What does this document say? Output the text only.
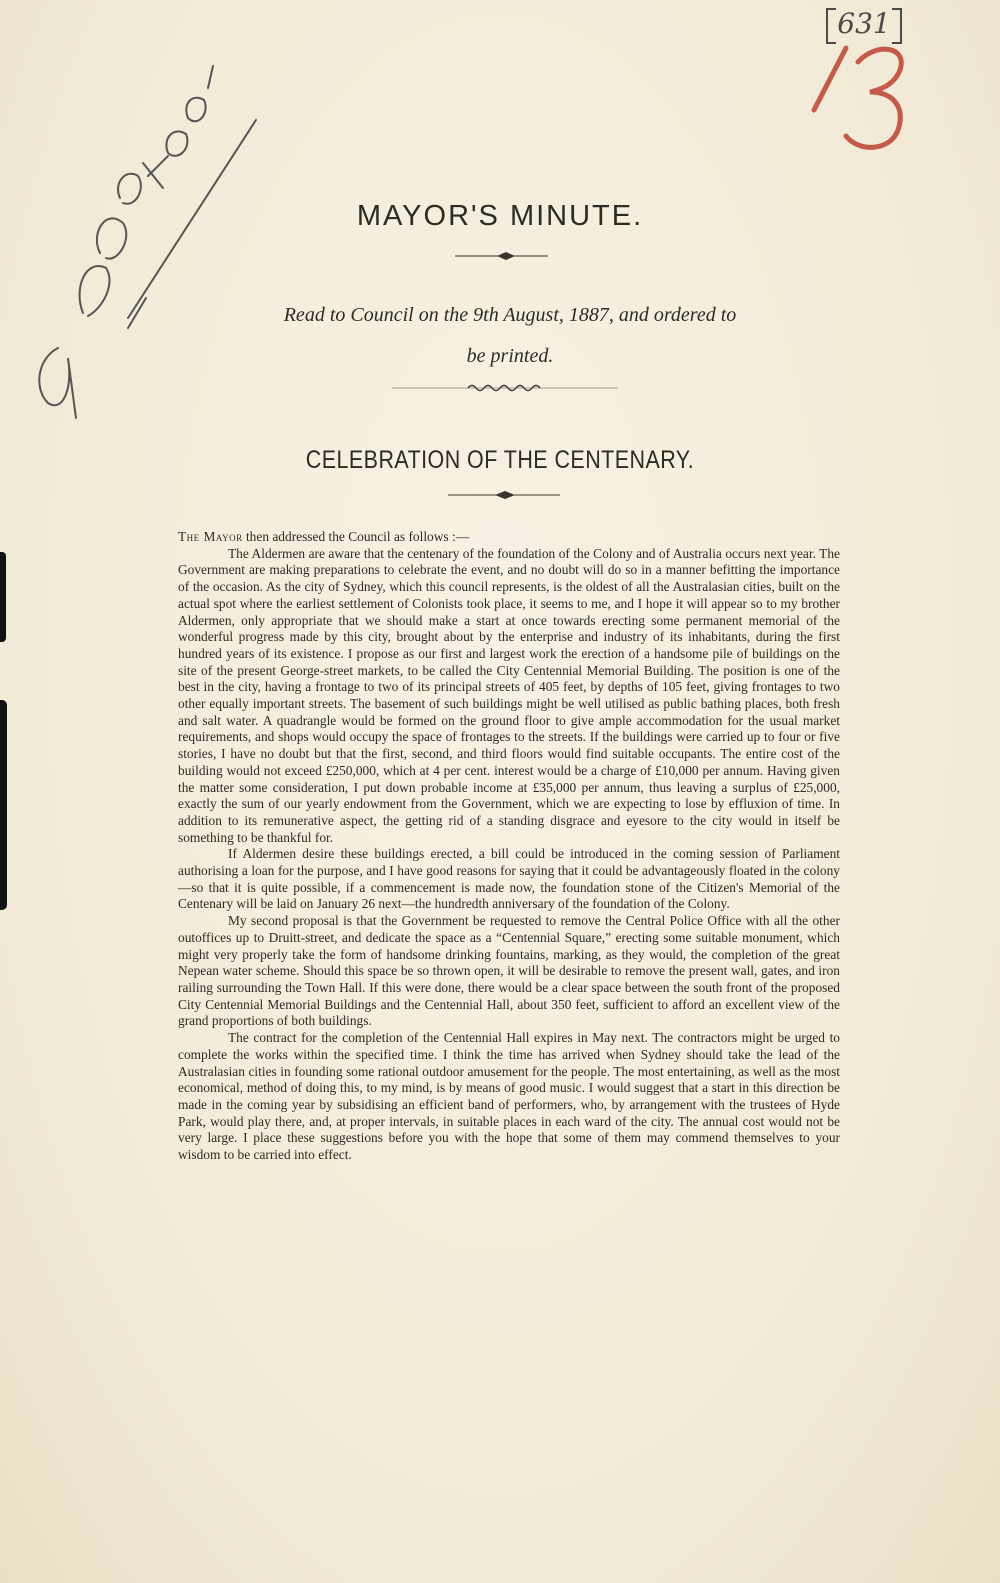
631
MAYOR'S MINUTE.
Read to Council on the 9th August, 1887, and ordered to
be printed.
CELEBRATION OF THE CENTENARY.

The Mayor then addressed the Council as follows :—

The Aldermen are aware that the centenary of the foundation of the Colony and of Australia occurs next year. The Government are making preparations to celebrate the event, and no doubt will do so in a manner befitting the importance of the occasion. As the city of Sydney, which this council represents, is the oldest of all the Australasian cities, built on the actual spot where the earliest settlement of Colonists took place, it seems to me, and I hope it will appear so to my brother Aldermen, only appropriate that we should make a start at once towards erecting some permanent memorial of the wonderful progress made by this city, brought about by the enterprise and industry of its inhabitants, during the first hundred years of its existence. I propose as our first and largest work the erection of a handsome pile of buildings on the site of the present George-street markets, to be called the City Centennial Memorial Building. The position is one of the best in the city, having a frontage to two of its principal streets of 405 feet, by depths of 105 feet, giving frontages to two other equally important streets. The basement of such buildings might be well utilised as public bathing places, both fresh and salt water. A quadrangle would be formed on the ground floor to give ample accommodation for the usual market requirements, and shops would occupy the space of frontages to the streets. If the buildings were carried up to four or five stories, I have no doubt but that the first, second, and third floors would find suitable occupants. The entire cost of the building would not exceed £250,000, which at 4 per cent. interest would be a charge of £10,000 per annum. Having given the matter some consideration, I put down probable income at £35,000 per annum, thus leaving a surplus of £25,000, exactly the sum of our yearly endowment from the Government, which we are expecting to lose by effluxion of time. In addition to its remunerative aspect, the getting rid of a standing disgrace and eyesore to the city would in itself be something to be thankful for.

If Aldermen desire these buildings erected, a bill could be introduced in the coming session of Parliament authorising a loan for the purpose, and I have good reasons for saying that it could be advantageously floated in the colony—so that it is quite possible, if a commencement is made now, the foundation stone of the Citizen's Memorial of the Centenary will be laid on January 26 next—the hundredth anniversary of the foundation of the Colony.

My second proposal is that the Government be requested to remove the Central Police Office with all the other outoffices up to Druitt-street, and dedicate the space as a “Centennial Square,” erecting some suitable monument, which might very properly take the form of handsome drinking fountains, marking, as they would, the completion of the great Nepean water scheme. Should this space be so thrown open, it will be desirable to remove the present wall, gates, and iron railing surrounding the Town Hall. If this were done, there would be a clear space between the south front of the proposed City Centennial Memorial Buildings and the Centennial Hall, about 350 feet, sufficient to afford an excellent view of the grand proportions of both buildings.

The contract for the completion of the Centennial Hall expires in May next. The contractors might be urged to complete the works within the specified time. I think the time has arrived when Sydney should take the lead of the Australasian cities in founding some rational outdoor amusement for the people. The most entertaining, as well as the most economical, method of doing this, to my mind, is by means of good music. I would suggest that a start in this direction be made in the coming year by subsidising an efficient band of performers, who, by arrangement with the trustees of Hyde Park, would play there, and, at proper intervals, in suitable places in each ward of the city. The annual cost would not be very large. I place these suggestions before you with the hope that some of them may commend themselves to your wisdom to be carried into effect.
